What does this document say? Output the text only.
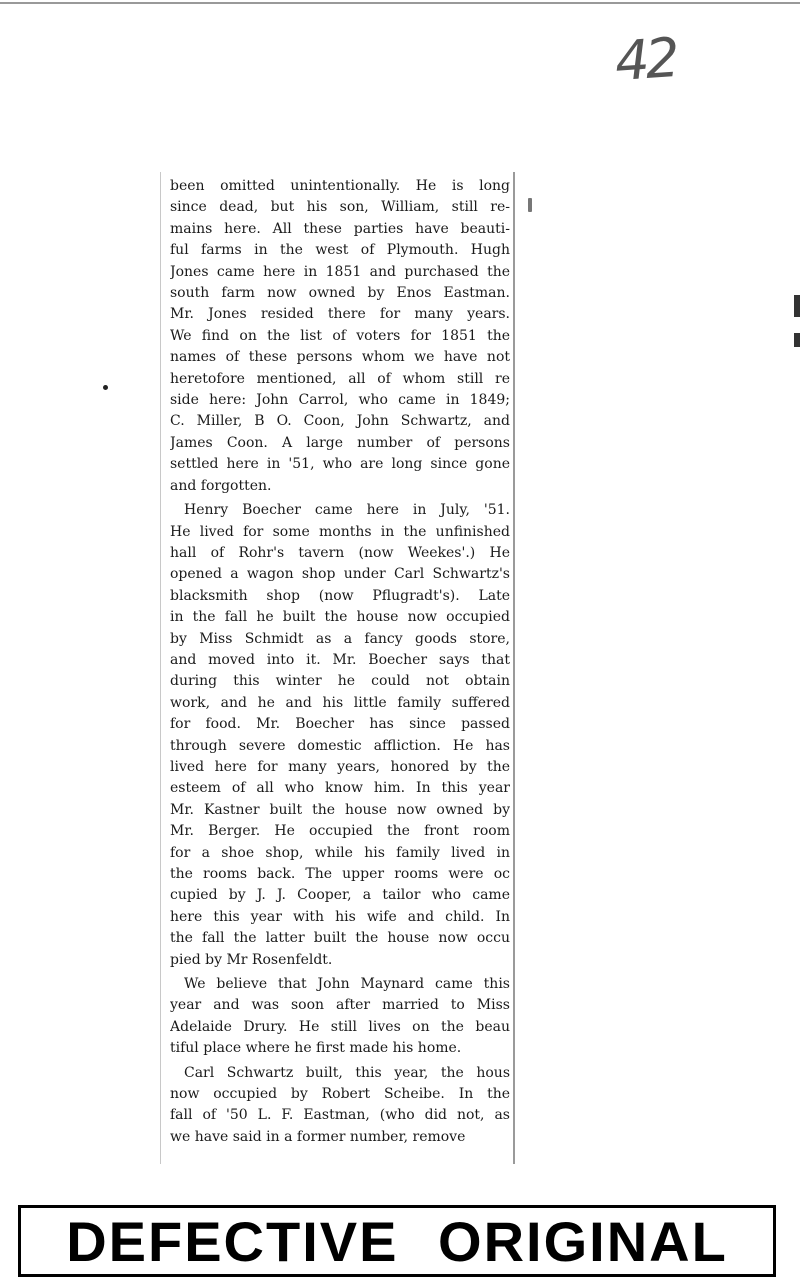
42

been omitted unintentionally. He is long
since dead, but his son, William, still re-
mains here. All these parties have beauti-
ful farms in the west of Plymouth. Hugh
Jones came here in 1851 and purchased the
south farm now owned by Enos Eastman.
Mr. Jones resided there for many years.
We find on the list of voters for 1851 the
names of these persons whom we have not
heretofore mentioned, all of whom still re
side here: John Carrol, who came in 1849;
C. Miller, B O. Coon, John Schwartz, and
James Coon. A large number of persons
settled here in '51, who are long since gone
and forgotten.

Henry Boecher came here in July, '51.
He lived for some months in the unfinished
hall of Rohr's tavern (now Weekes'.) He
opened a wagon shop under Carl Schwartz's
blacksmith shop (now Pflugradt's). Late
in the fall he built the house now occupied
by Miss Schmidt as a fancy goods store,
and moved into it. Mr. Boecher says that
during this winter he could not obtain
work, and he and his little family suffered
for food. Mr. Boecher has since passed
through severe domestic affliction. He has
lived here for many years, honored by the
esteem of all who know him. In this year
Mr. Kastner built the house now owned by
Mr. Berger. He occupied the front room
for a shoe shop, while his family lived in
the rooms back. The upper rooms were oc
cupied by J. J. Cooper, a tailor who came
here this year with his wife and child. In
the fall the latter built the house now occu
pied by Mr Rosenfeldt.

We believe that John Maynard came this
year and was soon after married to Miss
Adelaide Drury. He still lives on the beau
tiful place where he first made his home.

Carl Schwartz built, this year, the hous
now occupied by Robert Scheibe. In the
fall of '50 L. F. Eastman, (who did not, as
we have said in a former number, remove

DEFECTIVE ORIGINAL
